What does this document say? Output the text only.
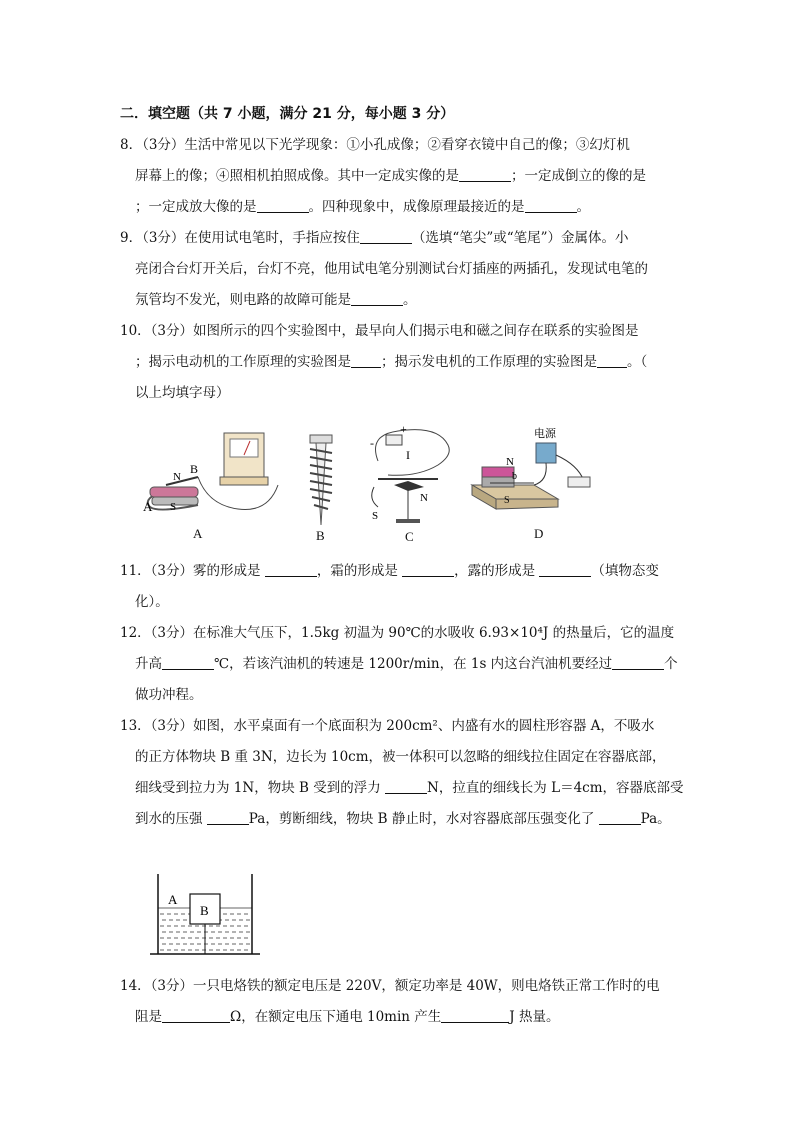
二．填空题（共 7 小题，满分 21 分，每小题 3 分）
8．（3分）生活中常见以下光学现象：①小孔成像；②看穿衣镜中自己的像；③幻灯机
屏幕上的像；④照相机拍照成像。其中一定成实像的是	；一定成倒立的像的是
；一定成放大像的是	。四种现象中，成像原理最接近的是	。
9．（3分）在使用试电笔时，手指应按住	（选填“笔尖”或“笔尾”）金属体。小
亮闭合台灯开关后，台灯不亮，他用试电笔分别测试台灯插座的两插孔，发现试电笔的
氖管均不发光，则电路的故障可能是	。
10．（3分）如图所示的四个实验图中，最早向人们揭示电和磁之间存在联系的实验图是
；揭示电动机的工作原理的实验图是 ；揭示发电机的工作原理的实验图是 。（
以上均填字母）
N
B
S
A
-
+
I
S
N
N
S
b
电源
A	B	C	D
11．（3分）雾的形成是	，霜的形成是	，露的形成是	（填物态变
化）。
12．（3分）在标准大气压下，1.5kg 初温为 90℃的水吸收 6.93×10⁴J 的热量后，它的温度
升高	℃，若该汽油机的转速是 1200r/min，在 1s 内这台汽油机要经过	个
做功冲程。
13．（3分）如图，水平桌面有一个底面积为 200cm²、内盛有水的圆柱形容器 A，不吸水
的正方体物块 B 重 3N，边长为 10cm，被一体积可以忽略的细线拉住固定在容器底部，
细线受到拉力为 1N，物块 B 受到的浮力	N，拉直的细线长为 L＝4cm，容器底部受
到水的压强	Pa，剪断细线，物块 B 静止时，水对容器底部压强变化了	Pa。
B
A
14．（3分）一只电烙铁的额定电压是 220V，额定功率是 40W，则电烙铁正常工作时的电
阻是	Ω，在额定电压下通电 10min 产生	J 热量。
